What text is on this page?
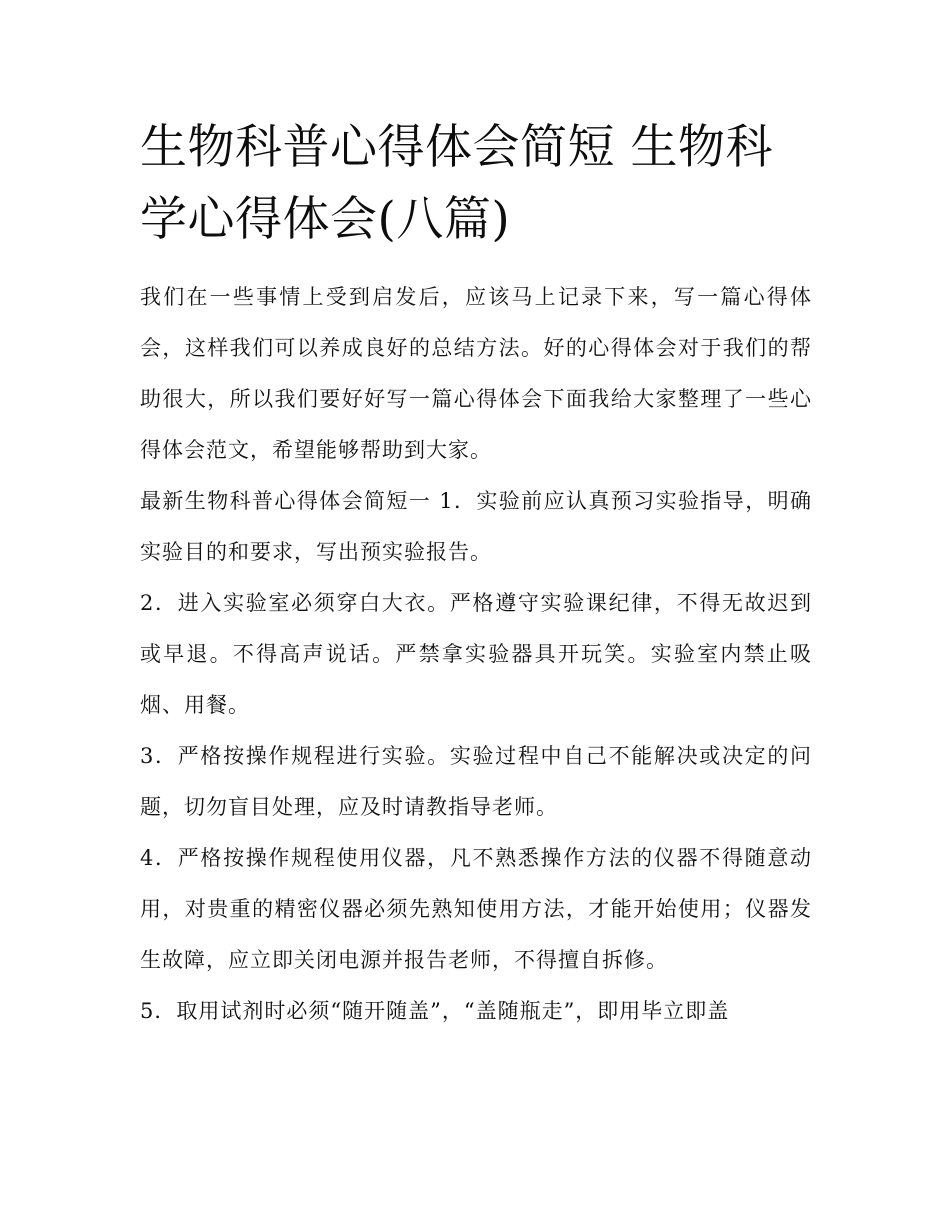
生物科普心得体会简短 生物科学心得体会(八篇)

我们在一些事情上受到启发后，应该马上记录下来，写一篇心得体会，这样我们可以养成良好的总结方法。好的心得体会对于我们的帮助很大，所以我们要好好写一篇心得体会下面我给大家整理了一些心得体会范文，希望能够帮助到大家。

最新生物科普心得体会简短一 1．实验前应认真预习实验指导，明确实验目的和要求，写出预实验报告。

2．进入实验室必须穿白大衣。严格遵守实验课纪律，不得无故迟到或早退。不得高声说话。严禁拿实验器具开玩笑。实验室内禁止吸烟、用餐。

3．严格按操作规程进行实验。实验过程中自己不能解决或决定的问题，切勿盲目处理，应及时请教指导老师。

4．严格按操作规程使用仪器，凡不熟悉操作方法的仪器不得随意动用，对贵重的精密仪器必须先熟知使用方法，才能开始使用；仪器发生故障，应立即关闭电源并报告老师，不得擅自拆修。

5．取用试剂时必须“随开随盖”，“盖随瓶走”，即用毕立即盖
